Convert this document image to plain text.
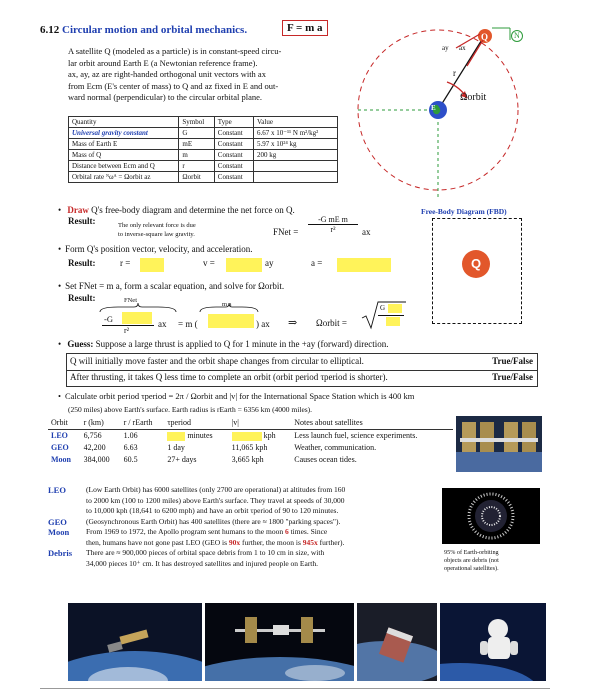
6.12 Circular motion and orbital mechanics.	F = m a
A satellite Q (modeled as a particle) is in constant-speed circu-
lar orbit around Earth E (a Newtonian reference frame).
ax, ay, az are right-handed orthogonal unit vectors with ax
from Ecm (E's center of mass) to Q and az fixed in E and out-
ward normal (perpendicular) to the circular orbital plane.
Quantity	Symbol	Type	Value
Universal gravity constant	G	Constant	6.67 x 10⁻¹¹ N m²/kg²
Mass of Earth E	mE	Constant	5.97 x 10²⁴ kg
Mass of Q	m	Constant	200 kg
Distance between Ecm and Q	r	Constant	
Orbital rate ᴺωᴬ = Ωorbit az	Ωorbit	Constant	
Q
E
r
Ωorbit
ay ax
N
• Draw Q's free-body diagram and determine the net force on Q.
Result:	The only relevant force is due
to inverse-square law gravity.	FNet = $\frac{\text{-G mE m}}{\text{r²}}$ ax
Free-Body Diagram (FBD)
Q
• Form Q's position vector, velocity, and acceleration.
Result:	r =	v =	ay	a =
• Set FNet = m a, form a scalar equation, and solve for Ωorbit.
Result:	FNet
m a
-G
r²
ax = m (	) ax ⇒ Ωorbit =
G
• Guess: Suppose a large thrust is applied to Q for 1 minute in the +ay (forward) direction.
Q will initially move faster and the orbit shape changes from circular to elliptical.	True/False
After thrusting, it takes Q less time to complete an orbit (orbit period τperiod is shorter).	True/False
• Calculate orbit period τperiod = 2π / Ωorbit and |v| for the International Space Station which is 400 km
(250 miles) above Earth's surface. Earth radius is rEarth = 6356 km (4000 miles).
Orbit	r (km)	r / rEarth	τperiod	|v|	Notes about satellites
LEO	6,756	1.06	minutes	kph	Less launch fuel, science experiments.
GEO	42,200	6.63	1 day	11,065 kph	Weather, communication.
Moon	384,000	60.5	27+ days	3,665 kph	Causes ocean tides.
LEO	(Low Earth Orbit) has 6000 satellites (only 2700 are operational) at altitudes from 160
to 2000 km (100 to 1200 miles) above Earth's surface. They travel at speeds of 30,000
to 10,000 kph (18,641 to 6200 mph) and have an orbit τperiod of 90 to 120 minutes.
GEO	(Geosynchronous Earth Orbit) has 400 satellites (there are ≈ 1800 "parking spaces").
Moon From 1969 to 1972, the Apollo program sent humans to the moon 6 times. Since
then, humans have not gone past LEO (GEO is 90x further, the moon is 945x further).
Debris There are ≈ 900,000 pieces of orbital space debris from 1 to 10 cm in size, with
34,000 pieces 10⁺ cm. It has destroyed satellites and injured people on Earth.
95% of Earth-orbiting
objects are debris (not
operational satellites).
